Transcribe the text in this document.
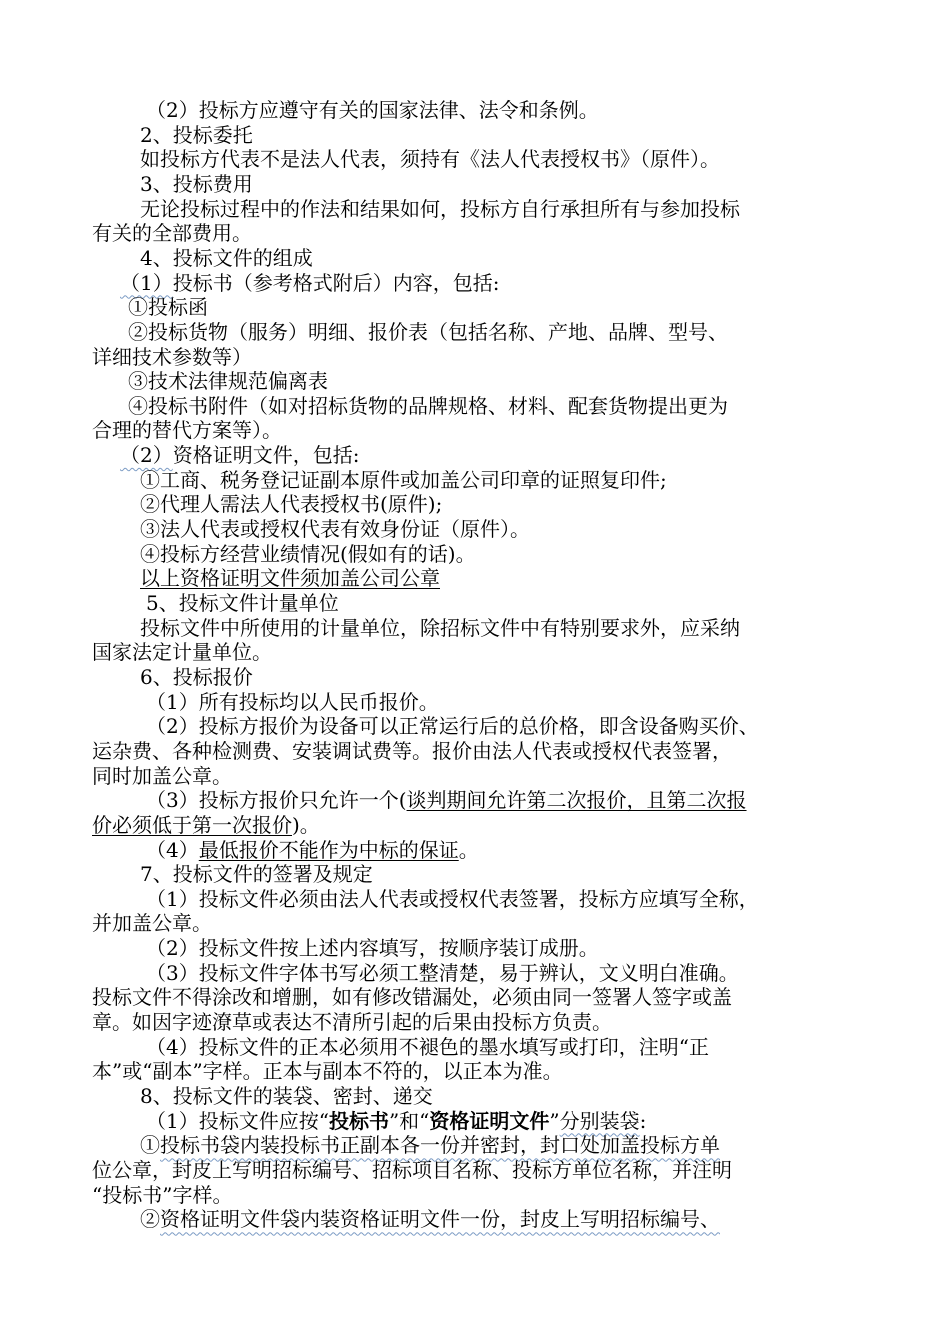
（2）投标方应遵守有关的国家法律、法令和条例。
2、投标委托
如投标方代表不是法人代表，须持有《法人代表授权书》（原件）。
3、投标费用
无论投标过程中的作法和结果如何，投标方自行承担所有与参加投标
有关的全部费用。
4、投标文件的组成
（1）投标书（参考格式附后）内容，包括:
①投标函
②投标货物（服务）明细、报价表（包括名称、产地、品牌、型号、
详细技术参数等）
③技术法律规范偏离表
④投标书附件（如对招标货物的品牌规格、材料、配套货物提出更为
合理的替代方案等）。
（2）资格证明文件，包括:
①工商、税务登记证副本原件或加盖公司印章的证照复印件;
②代理人需法人代表授权书(原件);
③法人代表或授权代表有效身份证（原件）。
④投标方经营业绩情况(假如有的话)。
以上资格证明文件须加盖公司公章
5、投标文件计量单位
投标文件中所使用的计量单位，除招标文件中有特别要求外，应采纳
国家法定计量单位。
6、投标报价
（1）所有投标均以人民币报价。
（2）投标方报价为设备可以正常运行后的总价格，即含设备购买价、
运杂费、各种检测费、安装调试费等。报价由法人代表或授权代表签署，
同时加盖公章。
（3）投标方报价只允许一个(谈判期间允许第二次报价，且第二次报
价必须低于第一次报价)。
（4）最低报价不能作为中标的保证。
7、投标文件的签署及规定
（1）投标文件必须由法人代表或授权代表签署，投标方应填写全称，
并加盖公章。
（2）投标文件按上述内容填写，按顺序装订成册。
（3）投标文件字体书写必须工整清楚，易于辨认，文义明白准确。
投标文件不得涂改和增删，如有修改错漏处，必须由同一签署人签字或盖
章。如因字迹潦草或表达不清所引起的后果由投标方负责。
（4）投标文件的正本必须用不褪色的墨水填写或打印，注明“正
本”或“副本”字样。正本与副本不符的，以正本为准。
8、投标文件的装袋、密封、递交
（1）投标文件应按“投标书”和“资格证明文件”分别装袋:
①投标书袋内装投标书正副本各一份并密封，封口处加盖投标方单
位公章，封皮上写明招标编号、招标项目名称、投标方单位名称，并注明
“投标书”字样。
②资格证明文件袋内装资格证明文件一份，封皮上写明招标编号、
